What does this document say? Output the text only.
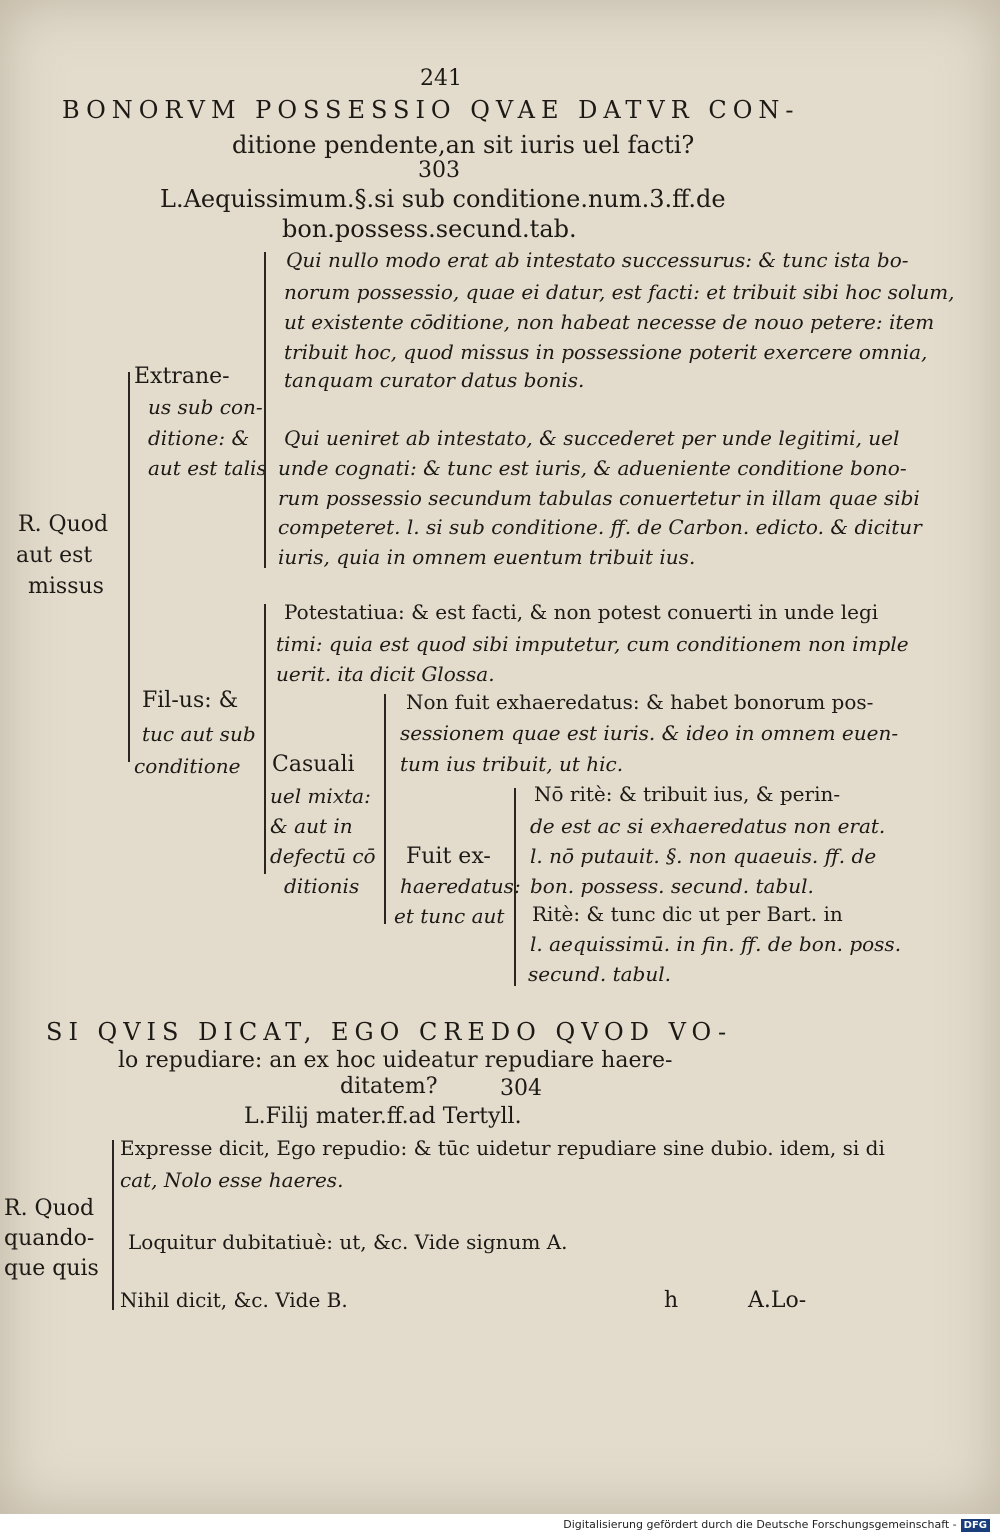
241
BONORVM POSSESSIO QVAE DATVR CON-
ditione pendente,an sit iuris uel facti?
303
L.Aequissimum.§.si sub conditione.num.3.ff.de
bon.possess.secund.tab.
R. Quod
aut est
missus
Extrane-
us sub con-
ditione: &
aut est talis
Qui nullo modo erat ab intestato successurus: & tunc ista bo-
norum possessio, quae ei datur, est facti: et tribuit sibi hoc solum,
ut existente cōditione, non habeat necesse de nouo petere: item
tribuit hoc, quod missus in possessione poterit exercere omnia,
tanquam curator datus bonis.
Qui ueniret ab intestato, & succederet per unde legitimi, uel
unde cognati: & tunc est iuris, & adueniente conditione bono-
rum possessio secundum tabulas conuertetur in illam quae sibi
competeret. l. si sub conditione. ff. de Carbon. edicto. & dicitur
iuris, quia in omnem euentum tribuit ius.
Potestatiua: & est facti, & non potest conuerti in unde legi
timi: quia est quod sibi imputetur, cum conditionem non imple
uerit. ita dicit Glossa.
Fil-us: &
tuc aut sub
conditione Casuali
uel mixta:
& aut in
defectū cō
ditionis
Non fuit exhaeredatus: & habet bonorum pos-
sessionem quae est iuris. & ideo in omnem euen-
tum ius tribuit, ut hic.
Fuit ex-
haeredatus:
et tunc aut
Nō ritè: & tribuit ius, & perin-
de est ac si exhaeredatus non erat.
l. nō putauit. §. non quaeuis. ff. de
bon. possess. secund. tabul.
Ritè: & tunc dic ut per Bart. in
l. aequissimū. in fin. ff. de bon. poss.
secund. tabul.
SI QVIS DICAT, EGO CREDO QVOD VO-
lo repudiare: an ex hoc uideatur repudiare haere-
ditatem?	304
L.Filij mater.ff.ad Tertyll.
R. Quod
quando-
que quis
Expresse dicit, Ego repudio: & tūc uidetur repudiare sine dubio. idem, si di
cat, Nolo esse haeres.
Loquitur dubitatiuè: ut, &c. Vide signum A.
Nihil dicit, &c. Vide B.	h	A.Lo-
Digitalisierung gefördert durch die Deutsche Forschungsgemeinschaft - DFG
